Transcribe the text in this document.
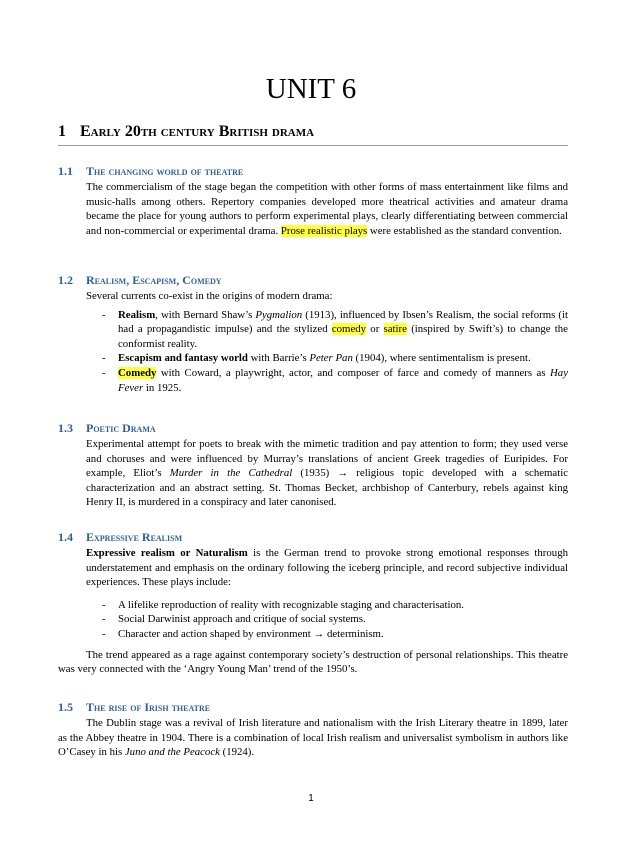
UNIT 6
1 Early 20th century British drama
1.1 The changing world of theatre

The commercialism of the stage began the competition with other forms of mass entertainment like films and music-halls among others. Repertory companies developed more theatrical activities and amateur drama became the place for young authors to perform experimental plays, clearly differentiating between commercial and non-commercial or experimental drama. Prose realistic plays were established as the standard convention.

1.2 Realism, Escapism, Comedy

Several currents co-exist in the origins of modern drama:

- Realism, with Bernard Shaw’s Pygmalion (1913), influenced by Ibsen’s Realism, the social reforms (it had a propagandistic impulse) and the stylized comedy or satire (inspired by Swift’s) to change the conformist reality.
- Escapism and fantasy world with Barrie’s Peter Pan (1904), where sentimentalism is present.
- Comedy with Coward, a playwright, actor, and composer of farce and comedy of manners as Hay Fever in 1925.
1.3 Poetic Drama

Experimental attempt for poets to break with the mimetic tradition and pay attention to form; they used verse and choruses and were influenced by Murray’s translations of ancient Greek tragedies of Euripides. For example, Eliot’s Murder in the Cathedral (1935) → religious topic developed with a schematic characterization and an abstract setting. St. Thomas Becket, archbishop of Canterbury, rebels against king Henry II, is murdered in a conspiracy and later canonised.

1.4 Expressive Realism

Expressive realism or Naturalism is the German trend to provoke strong emotional responses through understatement and emphasis on the ordinary following the iceberg principle, and record subjective individual experiences. These plays include:

- A lifelike reproduction of reality with recognizable staging and characterisation.
- Social Darwinist approach and critique of social systems.
- Character and action shaped by environment → determinism.

The trend appeared as a rage against contemporary society’s destruction of personal relationships. This theatre was very connected with the ‘Angry Young Man’ trend of the 1950’s.

1.5 The rise of Irish theatre

The Dublin stage was a revival of Irish literature and nationalism with the Irish Literary theatre in 1899, later as the Abbey theatre in 1904. There is a combination of local Irish realism and universalist symbolism in authors like O’Casey in his Juno and the Peacock (1924).

1
